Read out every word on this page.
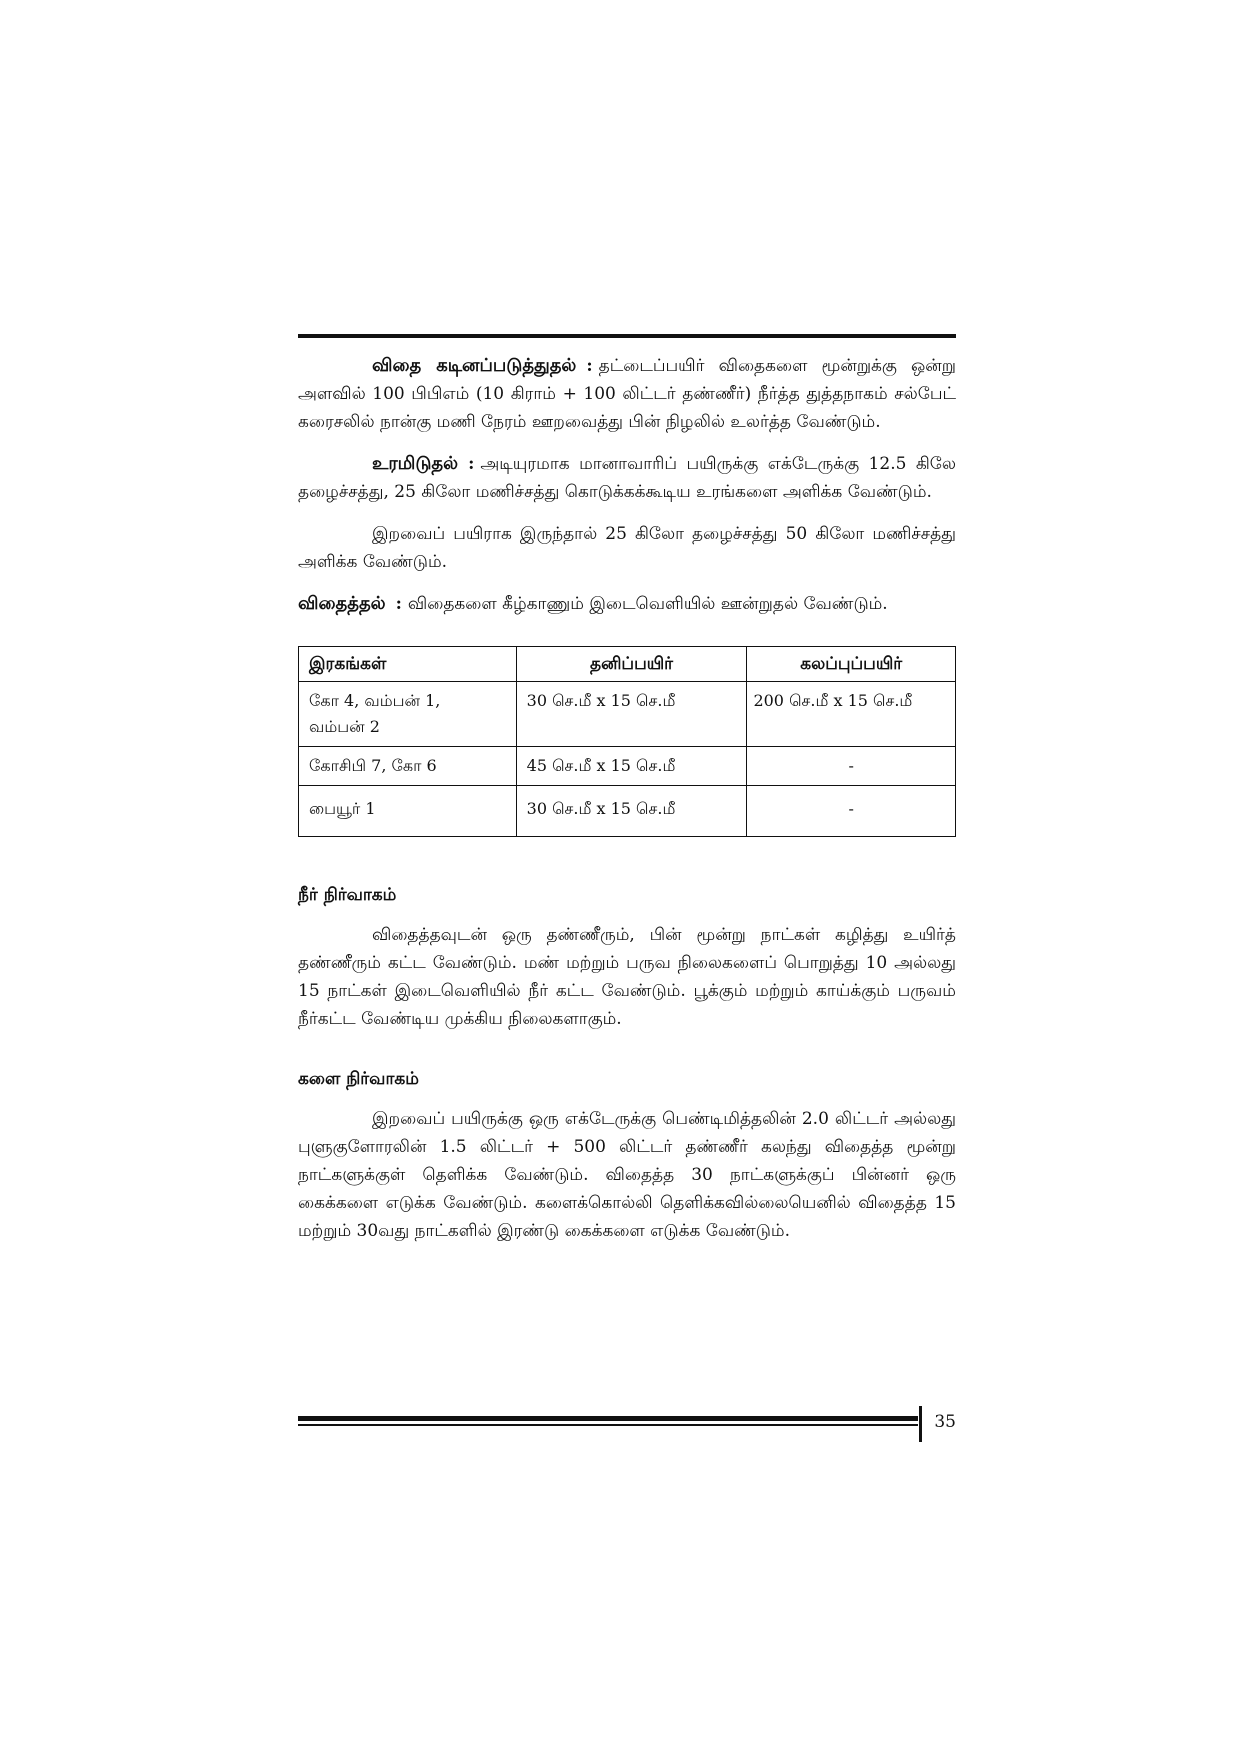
விதை கடினப்படுத்துதல் : தட்டைப்பயிர் விதைகளை மூன்றுக்கு ஒன்று அளவில் 100 பிபிஎம் (10 கிராம் + 100 லிட்டர் தண்ணீர்) நீர்த்த துத்தநாகம் சல்பேட் கரைசலில் நான்கு மணி நேரம் ஊறவைத்து பின் நிழலில் உலர்த்த வேண்டும்.

உரமிடுதல் : அடியுரமாக மானாவாரிப் பயிருக்கு எக்டேருக்கு 12.5 கிலே தழைச்சத்து, 25 கிலோ மணிச்சத்து கொடுக்கக்கூடிய உரங்களை அளிக்க வேண்டும்.

இறவைப் பயிராக இருந்தால் 25 கிலோ தழைச்சத்து 50 கிலோ மணிச்சத்து அளிக்க வேண்டும்.

விதைத்தல் : விதைகளை கீழ்காணும் இடைவெளியில் ஊன்றுதல் வேண்டும்.

இரகங்கள்	தனிப்பயிர்	கலப்புப்பயிர்
கோ 4, வம்பன் 1, வம்பன் 2	30 செ.மீ x 15 செ.மீ	200 செ.மீ x 15 செ.மீ
கோசிபி 7, கோ 6	45 செ.மீ x 15 செ.மீ	-
பையூர் 1	30 செ.மீ x 15 செ.மீ	-
நீர் நிர்வாகம்

விதைத்தவுடன் ஒரு தண்ணீரும், பின் மூன்று நாட்கள் கழித்து உயிர்த் தண்ணீரும் கட்ட வேண்டும். மண் மற்றும் பருவ நிலைகளைப் பொறுத்து 10 அல்லது 15 நாட்கள் இடைவெளியில் நீர் கட்ட வேண்டும். பூக்கும் மற்றும் காய்க்கும் பருவம் நீர்கட்ட வேண்டிய முக்கிய நிலைகளாகும்.

களை நிர்வாகம்

இறவைப் பயிருக்கு ஒரு எக்டேருக்கு பெண்டிமித்தலின் 2.0 லிட்டர் அல்லது புளுகுளோரலின் 1.5 லிட்டர் + 500 லிட்டர் தண்ணீர் கலந்து விதைத்த மூன்று நாட்களுக்குள் தெளிக்க வேண்டும். விதைத்த 30 நாட்களுக்குப் பின்னர் ஒரு கைக்களை எடுக்க வேண்டும். களைக்கொல்லி தெளிக்கவில்லையெனில் விதைத்த 15 மற்றும் 30வது நாட்களில் இரண்டு கைக்களை எடுக்க வேண்டும்.

35
